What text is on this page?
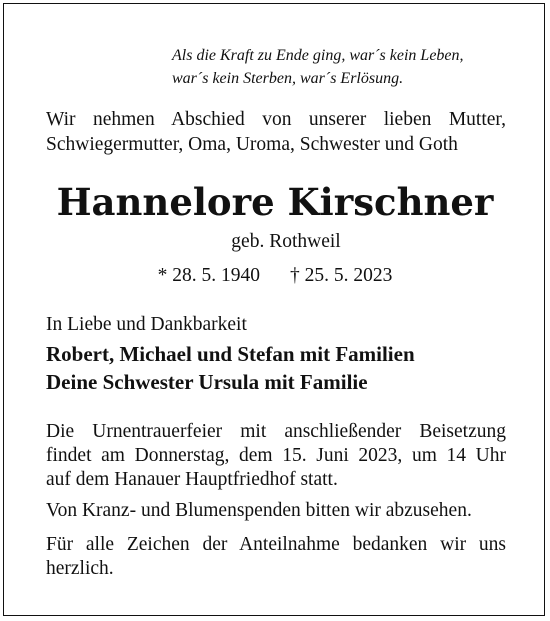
Als die Kraft zu Ende ging, war´s kein Leben,
war´s kein Sterben, war´s Erlösung.
Wir nehmen Abschied von unserer lieben Mutter,
Schwiegermutter, Oma, Uroma, Schwester und Goth
Hannelore Kirschner
geb. Rothweil
* 28. 5. 1940 † 25. 5. 2023
In Liebe und Dankbarkeit
Robert, Michael und Stefan mit Familien
Deine Schwester Ursula mit Familie
Die Urnentrauerfeier mit anschließender Beisetzung
findet am Donnerstag, dem 15. Juni 2023, um 14 Uhr
auf dem Hanauer Hauptfriedhof statt.
Von Kranz- und Blumenspenden bitten wir abzusehen.
Für alle Zeichen der Anteilnahme bedanken wir uns
herzlich.
